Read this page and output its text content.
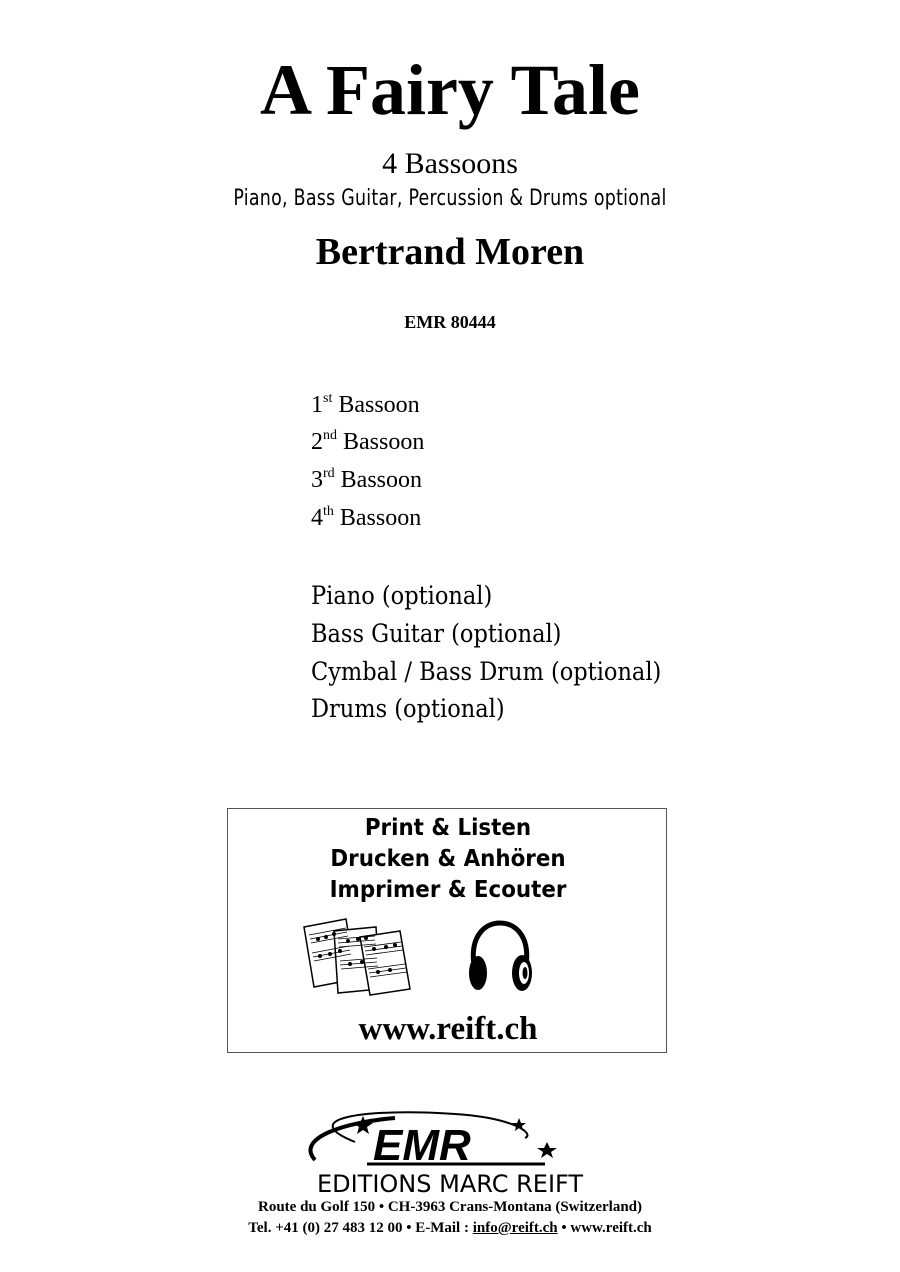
A Fairy Tale
4 Bassoons
Piano, Bass Guitar, Percussion & Drums optional
Bertrand Moren
EMR 80444
1st Bassoon
2nd Bassoon
3rd Bassoon
4th Bassoon
Piano (optional)
Bass Guitar (optional)
Cymbal / Bass Drum (optional)
Drums (optional)
Print & Listen
Drucken & Anhören
Imprimer & Ecouter
www.reift.ch
EMR
EDITIONS MARC REIFT
Route du Golf 150 • CH-3963 Crans-Montana (Switzerland)
Tel. +41 (0) 27 483 12 00 • E-Mail : info@reift.ch • www.reift.ch
